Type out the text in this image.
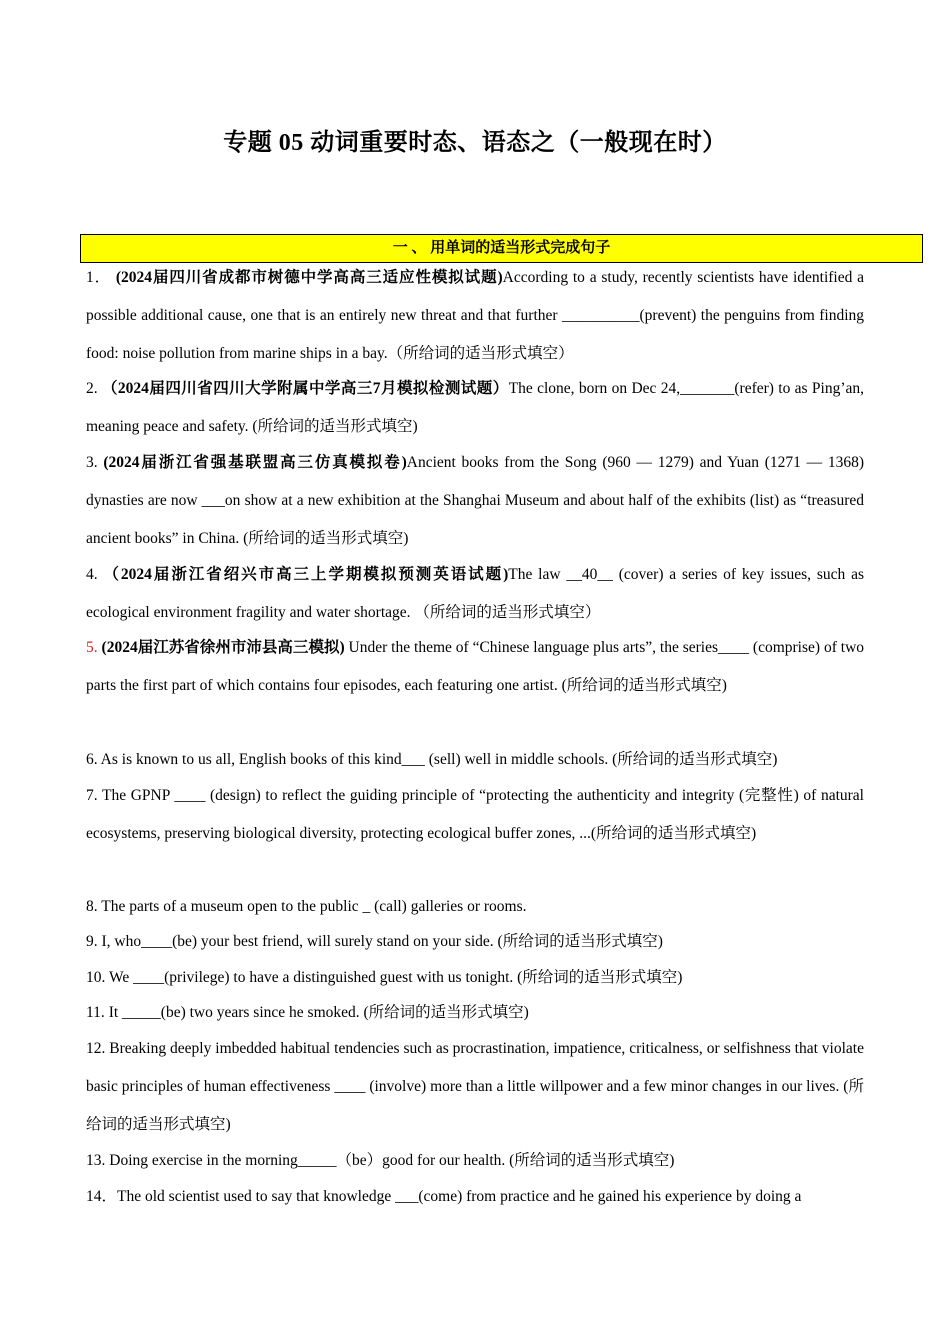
专题 05 动词重要时态、语态之（一般现在时）
一 、 用单词的适当形式完成句子
1． (2024届四川省成都市树德中学高高三适应性模拟试题)According to a study, recently scientists have identified a possible additional cause, one that is an entirely new threat and that further __________(prevent) the penguins from finding food: noise pollution from marine ships in a bay.（所给词的适当形式填空）
2. （2024届四川省四川大学附属中学高三7月模拟检测试题）The clone, born on Dec 24,_______(refer) to as Ping’an, meaning peace and safety. (所给词的适当形式填空)
3. (2024届浙江省强基联盟高三仿真模拟卷)Ancient books from the Song (960 — 1279) and Yuan (1271 — 1368) dynasties are now ___on show at a new exhibition at the Shanghai Museum and about half of the exhibits (list) as “treasured ancient books” in China. (所给词的适当形式填空)
4. （2024届浙江省绍兴市高三上学期模拟预测英语试题)The law __40__ (cover) a series of key issues, such as ecological environment fragility and water shortage. （所给词的适当形式填空）
5. (2024届江苏省徐州市沛县高三模拟) Under the theme of “Chinese language plus arts”, the series____ (comprise) of two parts the first part of which contains four episodes, each featuring one artist. (所给词的适当形式填空)
6. As is known to us all, English books of this kind___ (sell) well in middle schools. (所给词的适当形式填空)
7. The GPNP ____ (design) to reflect the guiding principle of “protecting the authenticity and integrity (完整性) of natural ecosystems, preserving biological diversity, protecting ecological buffer zones, ...(所给词的适当形式填空)
8. The parts of a museum open to the public _ (call) galleries or rooms.
9. I, who____(be) your best friend, will surely stand on your side. (所给词的适当形式填空)
10. We ____(privilege) to have a distinguished guest with us tonight. (所给词的适当形式填空)
11. It _____(be) two years since he smoked. (所给词的适当形式填空)
12. Breaking deeply imbedded habitual tendencies such as procrastination, impatience, criticalness, or selfishness that violate basic principles of human effectiveness ____ (involve) more than a little willpower and a few minor changes in our lives. (所给词的适当形式填空)
13. Doing exercise in the morning_____（be）good for our health. (所给词的适当形式填空)
14．The old scientist used to say that knowledge ___(come) from practice and he gained his experience by doing a
